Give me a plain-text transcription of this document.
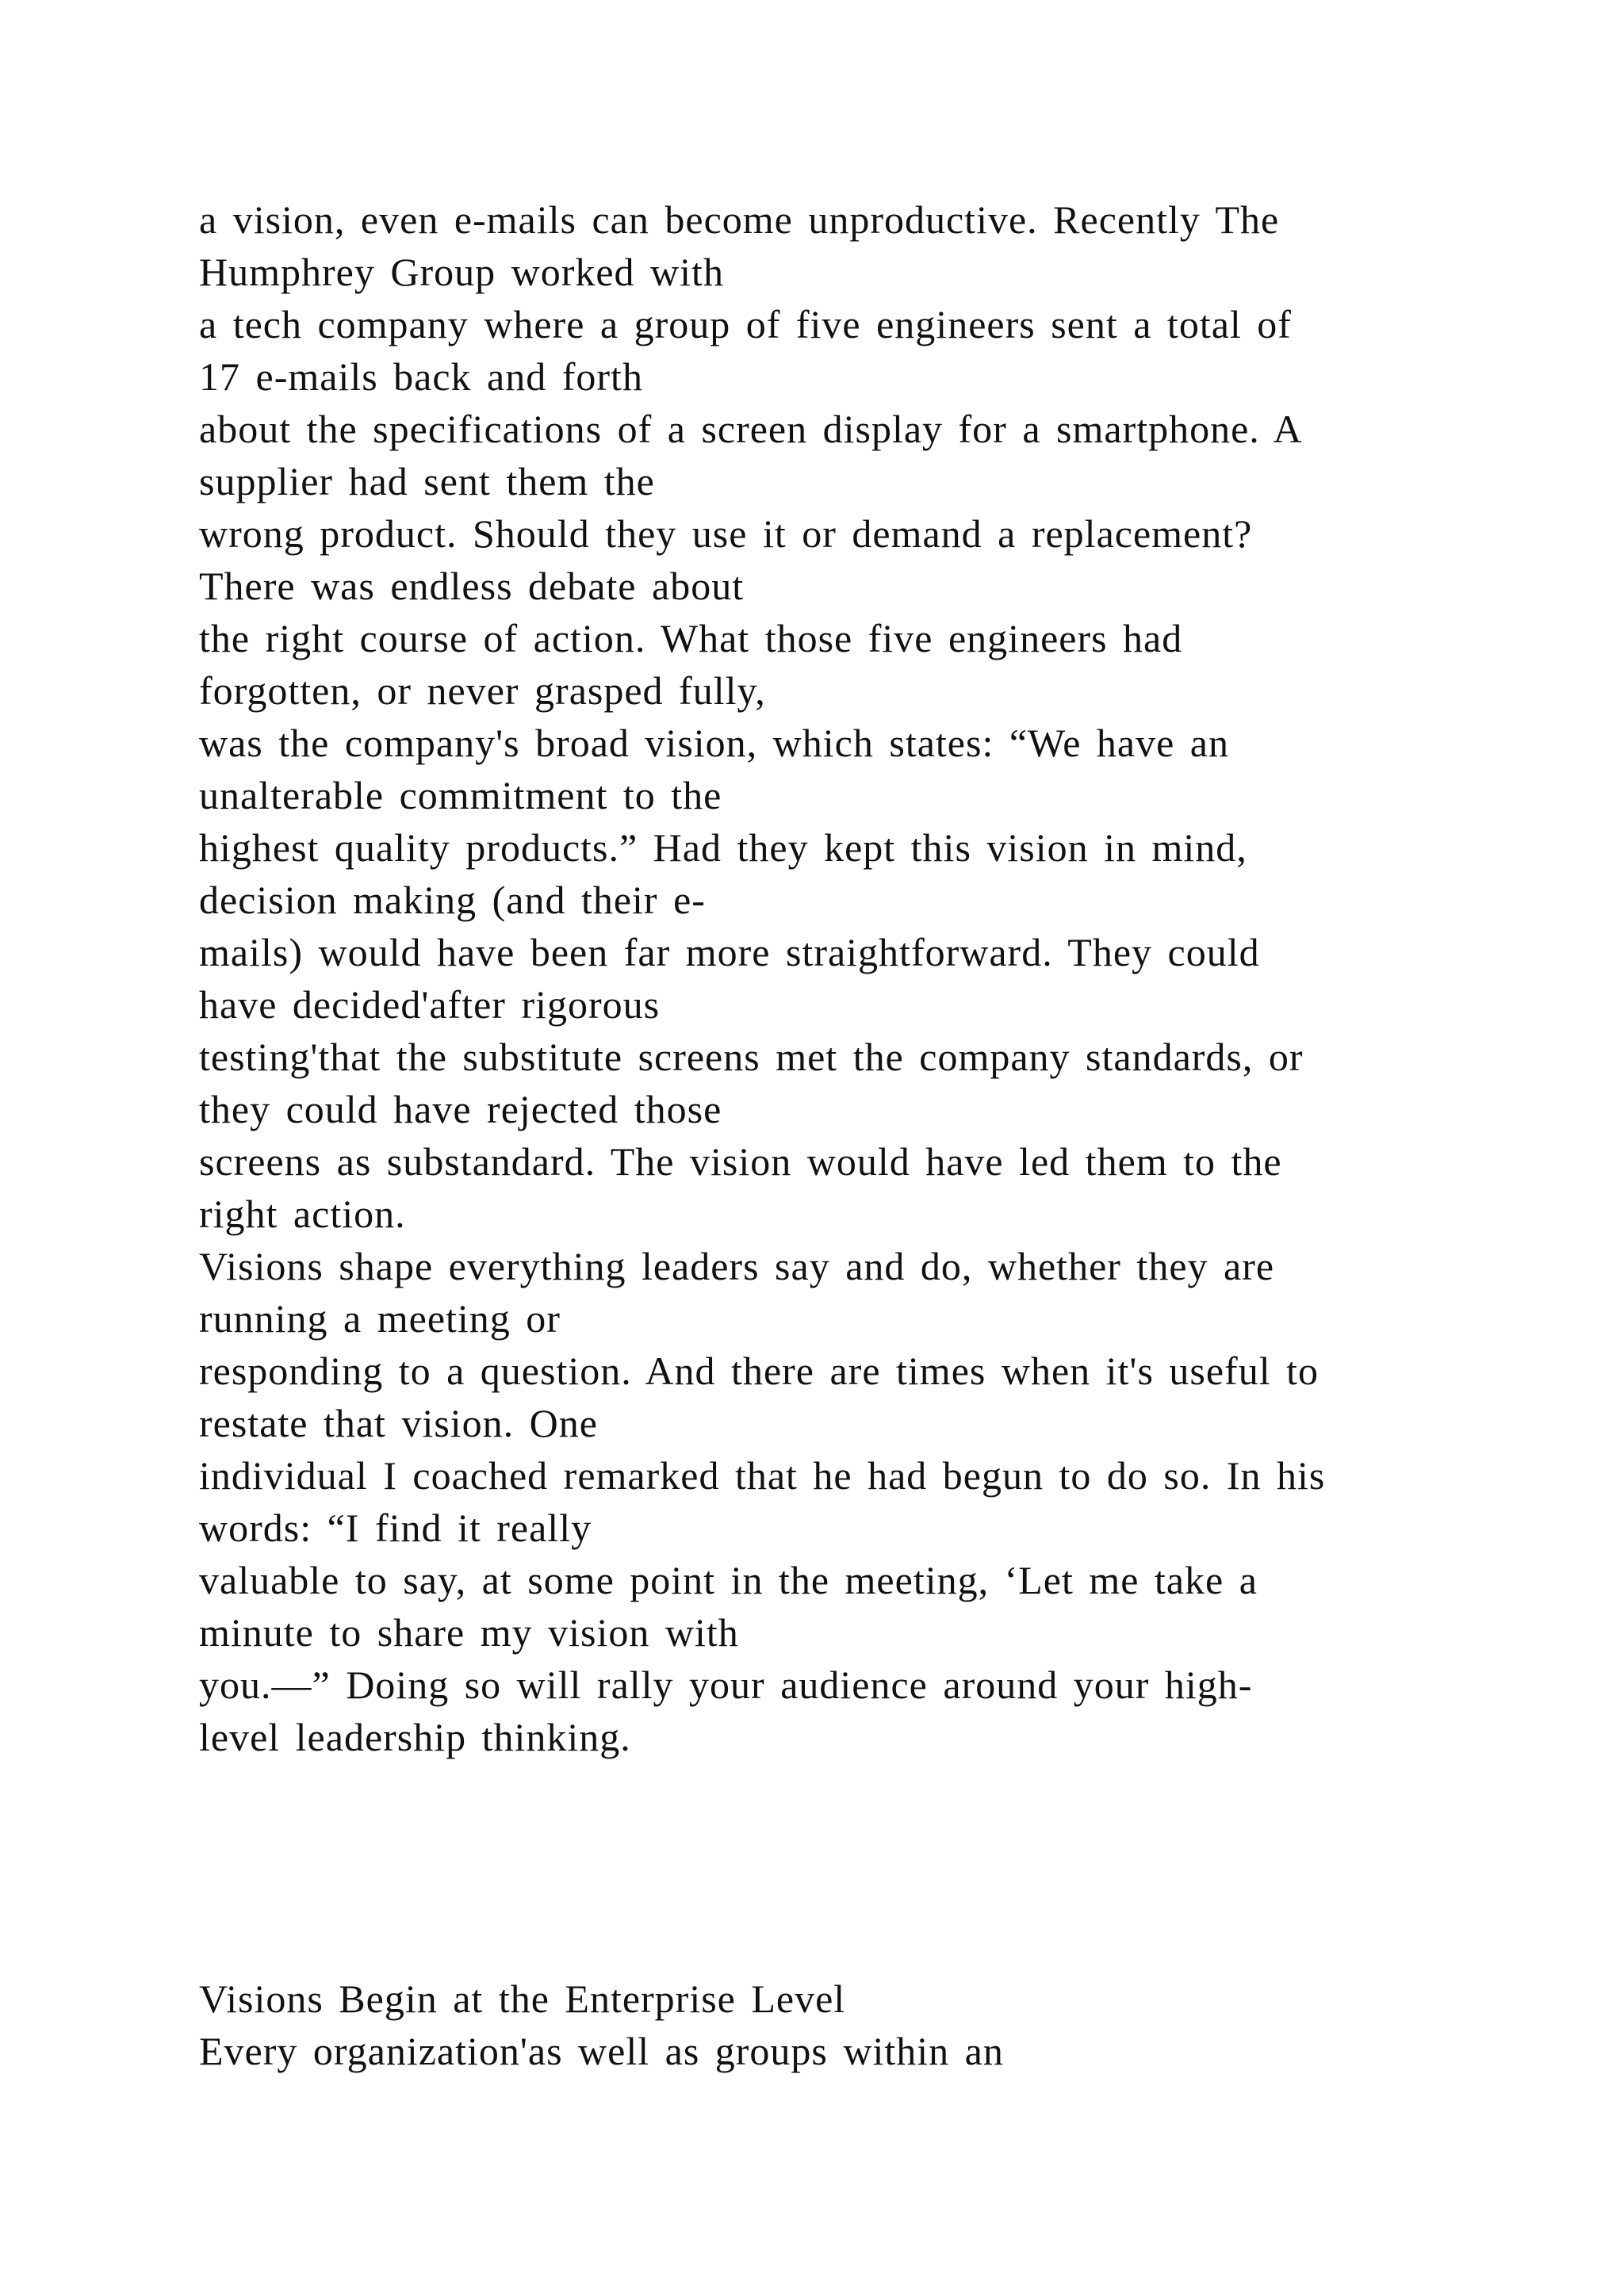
a vision, even e-mails can become unproductive. Recently The
Humphrey Group worked with
a tech company where a group of five engineers sent a total of
17 e-mails back and forth
about the specifications of a screen display for a smartphone. A
supplier had sent them the
wrong product. Should they use it or demand a replacement?
There was endless debate about
the right course of action. What those five engineers had
forgotten, or never grasped fully,
was the company's broad vision, which states: “We have an
unalterable commitment to the
highest quality products.” Had they kept this vision in mind,
decision making (and their e-
mails) would have been far more straightforward. They could
have decided'after rigorous
testing'that the substitute screens met the company standards, or
they could have rejected those
screens as substandard. The vision would have led them to the
right action.
Visions shape everything leaders say and do, whether they are
running a meeting or
responding to a question. And there are times when it's useful to
restate that vision. One
individual I coached remarked that he had begun to do so. In his
words: “I find it really
valuable to say, at some point in the meeting, ‘Let me take a
minute to share my vision with
you.—” Doing so will rally your audience around your high-
level leadership thinking.
Visions Begin at the Enterprise Level
Every organization'as well as groups within an
